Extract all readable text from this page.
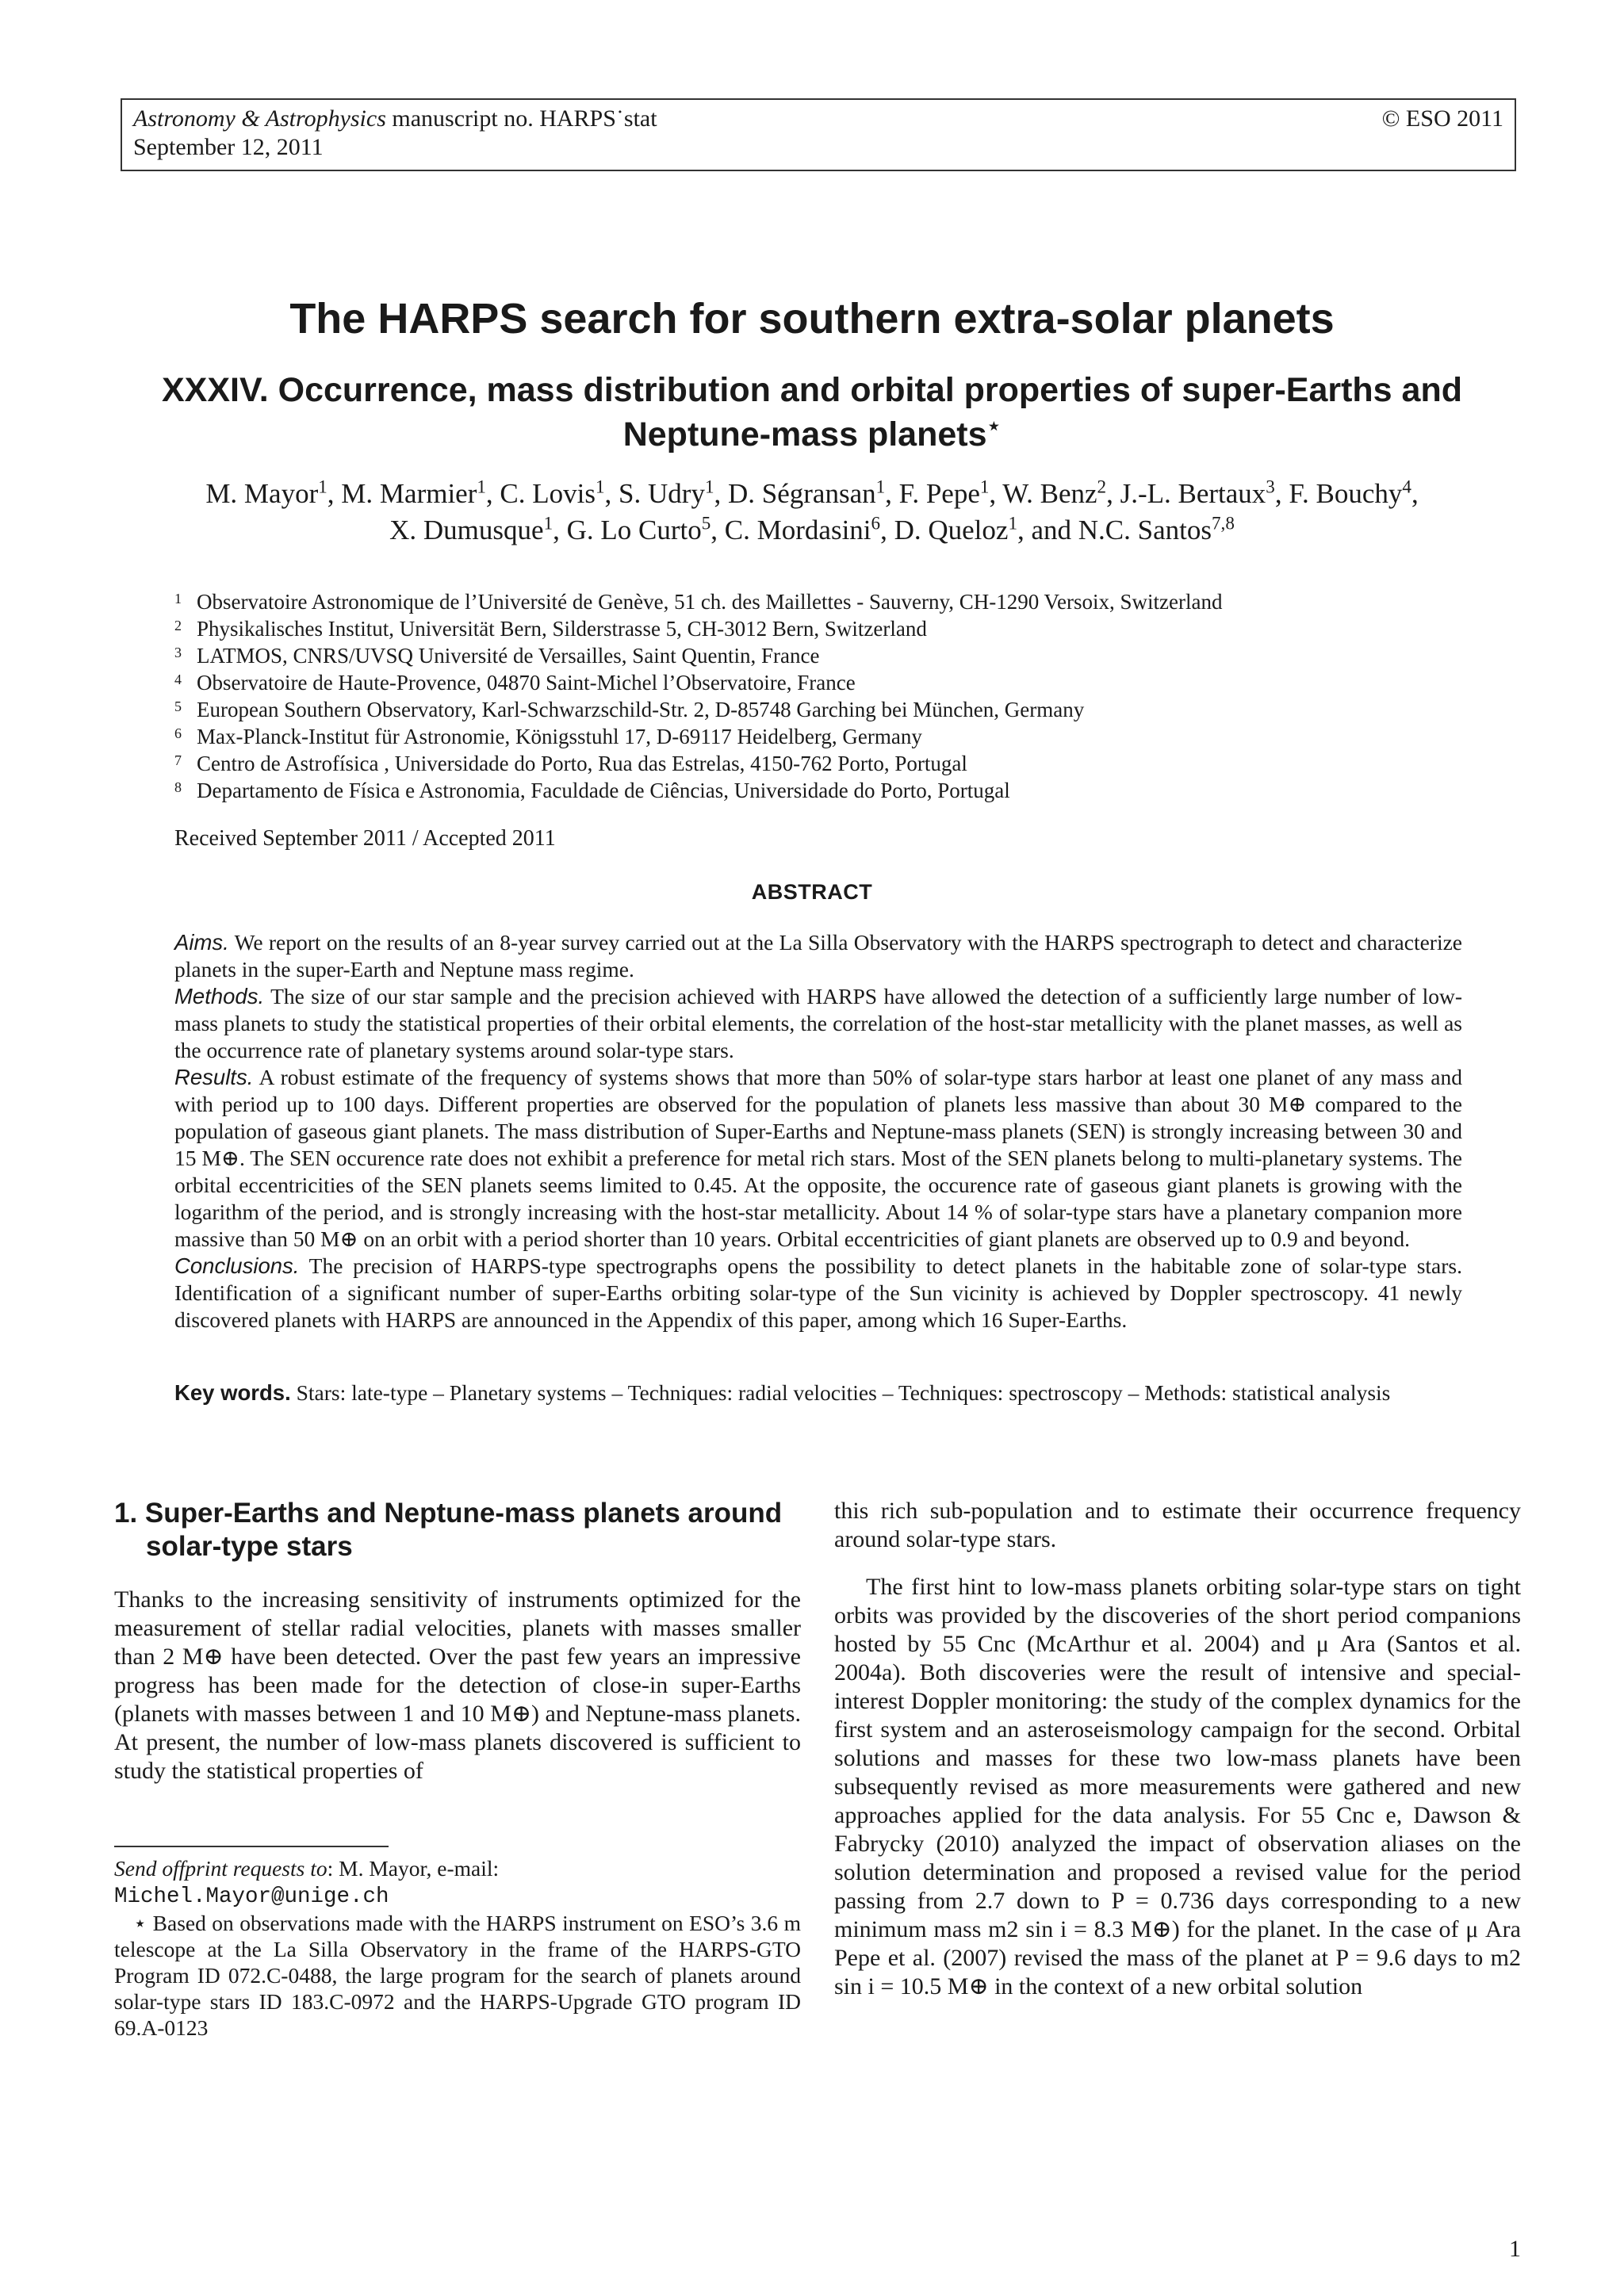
Astronomy & Astrophysics manuscript no. HARPS˙stat
September 12, 2011
© ESO 2011
The HARPS search for southern extra-solar planets
XXXIV. Occurrence, mass distribution and orbital properties of super-Earths and
Neptune-mass planets⋆
M. Mayor$^1$, M. Marmier$^1$, C. Lovis$^1$, S. Udry$^1$, D. Ségransan$^1$, F. Pepe$^1$, W. Benz$^2$, J.-L. Bertaux$^3$, F. Bouchy$^4$,
X. Dumusque$^1$, G. Lo Curto$^5$, C. Mordasini$^6$, D. Queloz$^1$, and N.C. Santos$^{7,8}$
1 Observatoire Astronomique de l’Université de Genève, 51 ch. des Maillettes - Sauverny, CH-1290 Versoix, Switzerland
2 Physikalisches Institut, Universität Bern, Silderstrasse 5, CH-3012 Bern, Switzerland
3 LATMOS, CNRS/UVSQ Université de Versailles, Saint Quentin, France
4 Observatoire de Haute-Provence, 04870 Saint-Michel l’Observatoire, France
5 European Southern Observatory, Karl-Schwarzschild-Str. 2, D-85748 Garching bei München, Germany
6 Max-Planck-Institut für Astronomie, Königsstuhl 17, D-69117 Heidelberg, Germany
7 Centro de Astrofísica , Universidade do Porto, Rua das Estrelas, 4150-762 Porto, Portugal
8 Departamento de Física e Astronomia, Faculdade de Ciências, Universidade do Porto, Portugal
Received September 2011 / Accepted 2011
ABSTRACT

Aims. We report on the results of an 8-year survey carried out at the La Silla Observatory with the HARPS spectrograph to detect and characterize planets in the super-Earth and Neptune mass regime.

Methods. The size of our star sample and the precision achieved with HARPS have allowed the detection of a sufficiently large number of low-mass planets to study the statistical properties of their orbital elements, the correlation of the host-star metallicity with the planet masses, as well as the occurrence rate of planetary systems around solar-type stars.

Results. A robust estimate of the frequency of systems shows that more than 50% of solar-type stars harbor at least one planet of any mass and with period up to 100 days. Different properties are observed for the population of planets less massive than about 30 M⊕ compared to the population of gaseous giant planets. The mass distribution of Super-Earths and Neptune-mass planets (SEN) is strongly increasing between 30 and 15 M⊕. The SEN occurence rate does not exhibit a preference for metal rich stars. Most of the SEN planets belong to multi-planetary systems. The orbital eccentricities of the SEN planets seems limited to 0.45. At the opposite, the occurence rate of gaseous giant planets is growing with the logarithm of the period, and is strongly increasing with the host-star metallicity. About 14 % of solar-type stars have a planetary companion more massive than 50 M⊕ on an orbit with a period shorter than 10 years. Orbital eccentricities of giant planets are observed up to 0.9 and beyond.

Conclusions. The precision of HARPS-type spectrographs opens the possibility to detect planets in the habitable zone of solar-type stars. Identification of a significant number of super-Earths orbiting solar-type of the Sun vicinity is achieved by Doppler spectroscopy. 41 newly discovered planets with HARPS are announced in the Appendix of this paper, among which 16 Super-Earths.

Key words. Stars: late-type – Planetary systems – Techniques: radial velocities – Techniques: spectroscopy – Methods: statistical analysis
1. Super-Earths and Neptune-mass planets around
solar-type stars

Thanks to the increasing sensitivity of instruments optimized for the measurement of stellar radial velocities, planets with masses smaller than 2 M⊕ have been detected. Over the past few years an impressive progress has been made for the detection of close-in super-Earths (planets with masses between 1 and 10 M⊕) and Neptune-mass planets. At present, the number of low-mass planets discovered is sufficient to study the statistical properties of

Send offprint requests to: M. Mayor, e-mail:
Michel.Mayor@unige.ch

⋆ Based on observations made with the HARPS instrument on ESO’s 3.6 m telescope at the La Silla Observatory in the frame of the HARPS-GTO Program ID 072.C-0488, the large program for the search of planets around solar-type stars ID 183.C-0972 and the HARPS-Upgrade GTO program ID 69.A-0123

this rich sub-population and to estimate their occurrence frequency around solar-type stars.

The first hint to low-mass planets orbiting solar-type stars on tight orbits was provided by the discoveries of the short period companions hosted by 55 Cnc (McArthur et al. 2004) and μ Ara (Santos et al. 2004a). Both discoveries were the result of intensive and special-interest Doppler monitoring: the study of the complex dynamics for the first system and an asteroseismology campaign for the second. Orbital solutions and masses for these two low-mass planets have been subsequently revised as more measurements were gathered and new approaches applied for the data analysis. For 55 Cnc e, Dawson & Fabrycky (2010) analyzed the impact of observation aliases on the solution determination and proposed a revised value for the period passing from 2.7 down to P = 0.736 days corresponding to a new minimum mass m2 sin i = 8.3 M⊕) for the planet. In the case of μ Ara Pepe et al. (2007) revised the mass of the planet at P = 9.6 days to m2 sin i = 10.5 M⊕ in the context of a new orbital solution

1
